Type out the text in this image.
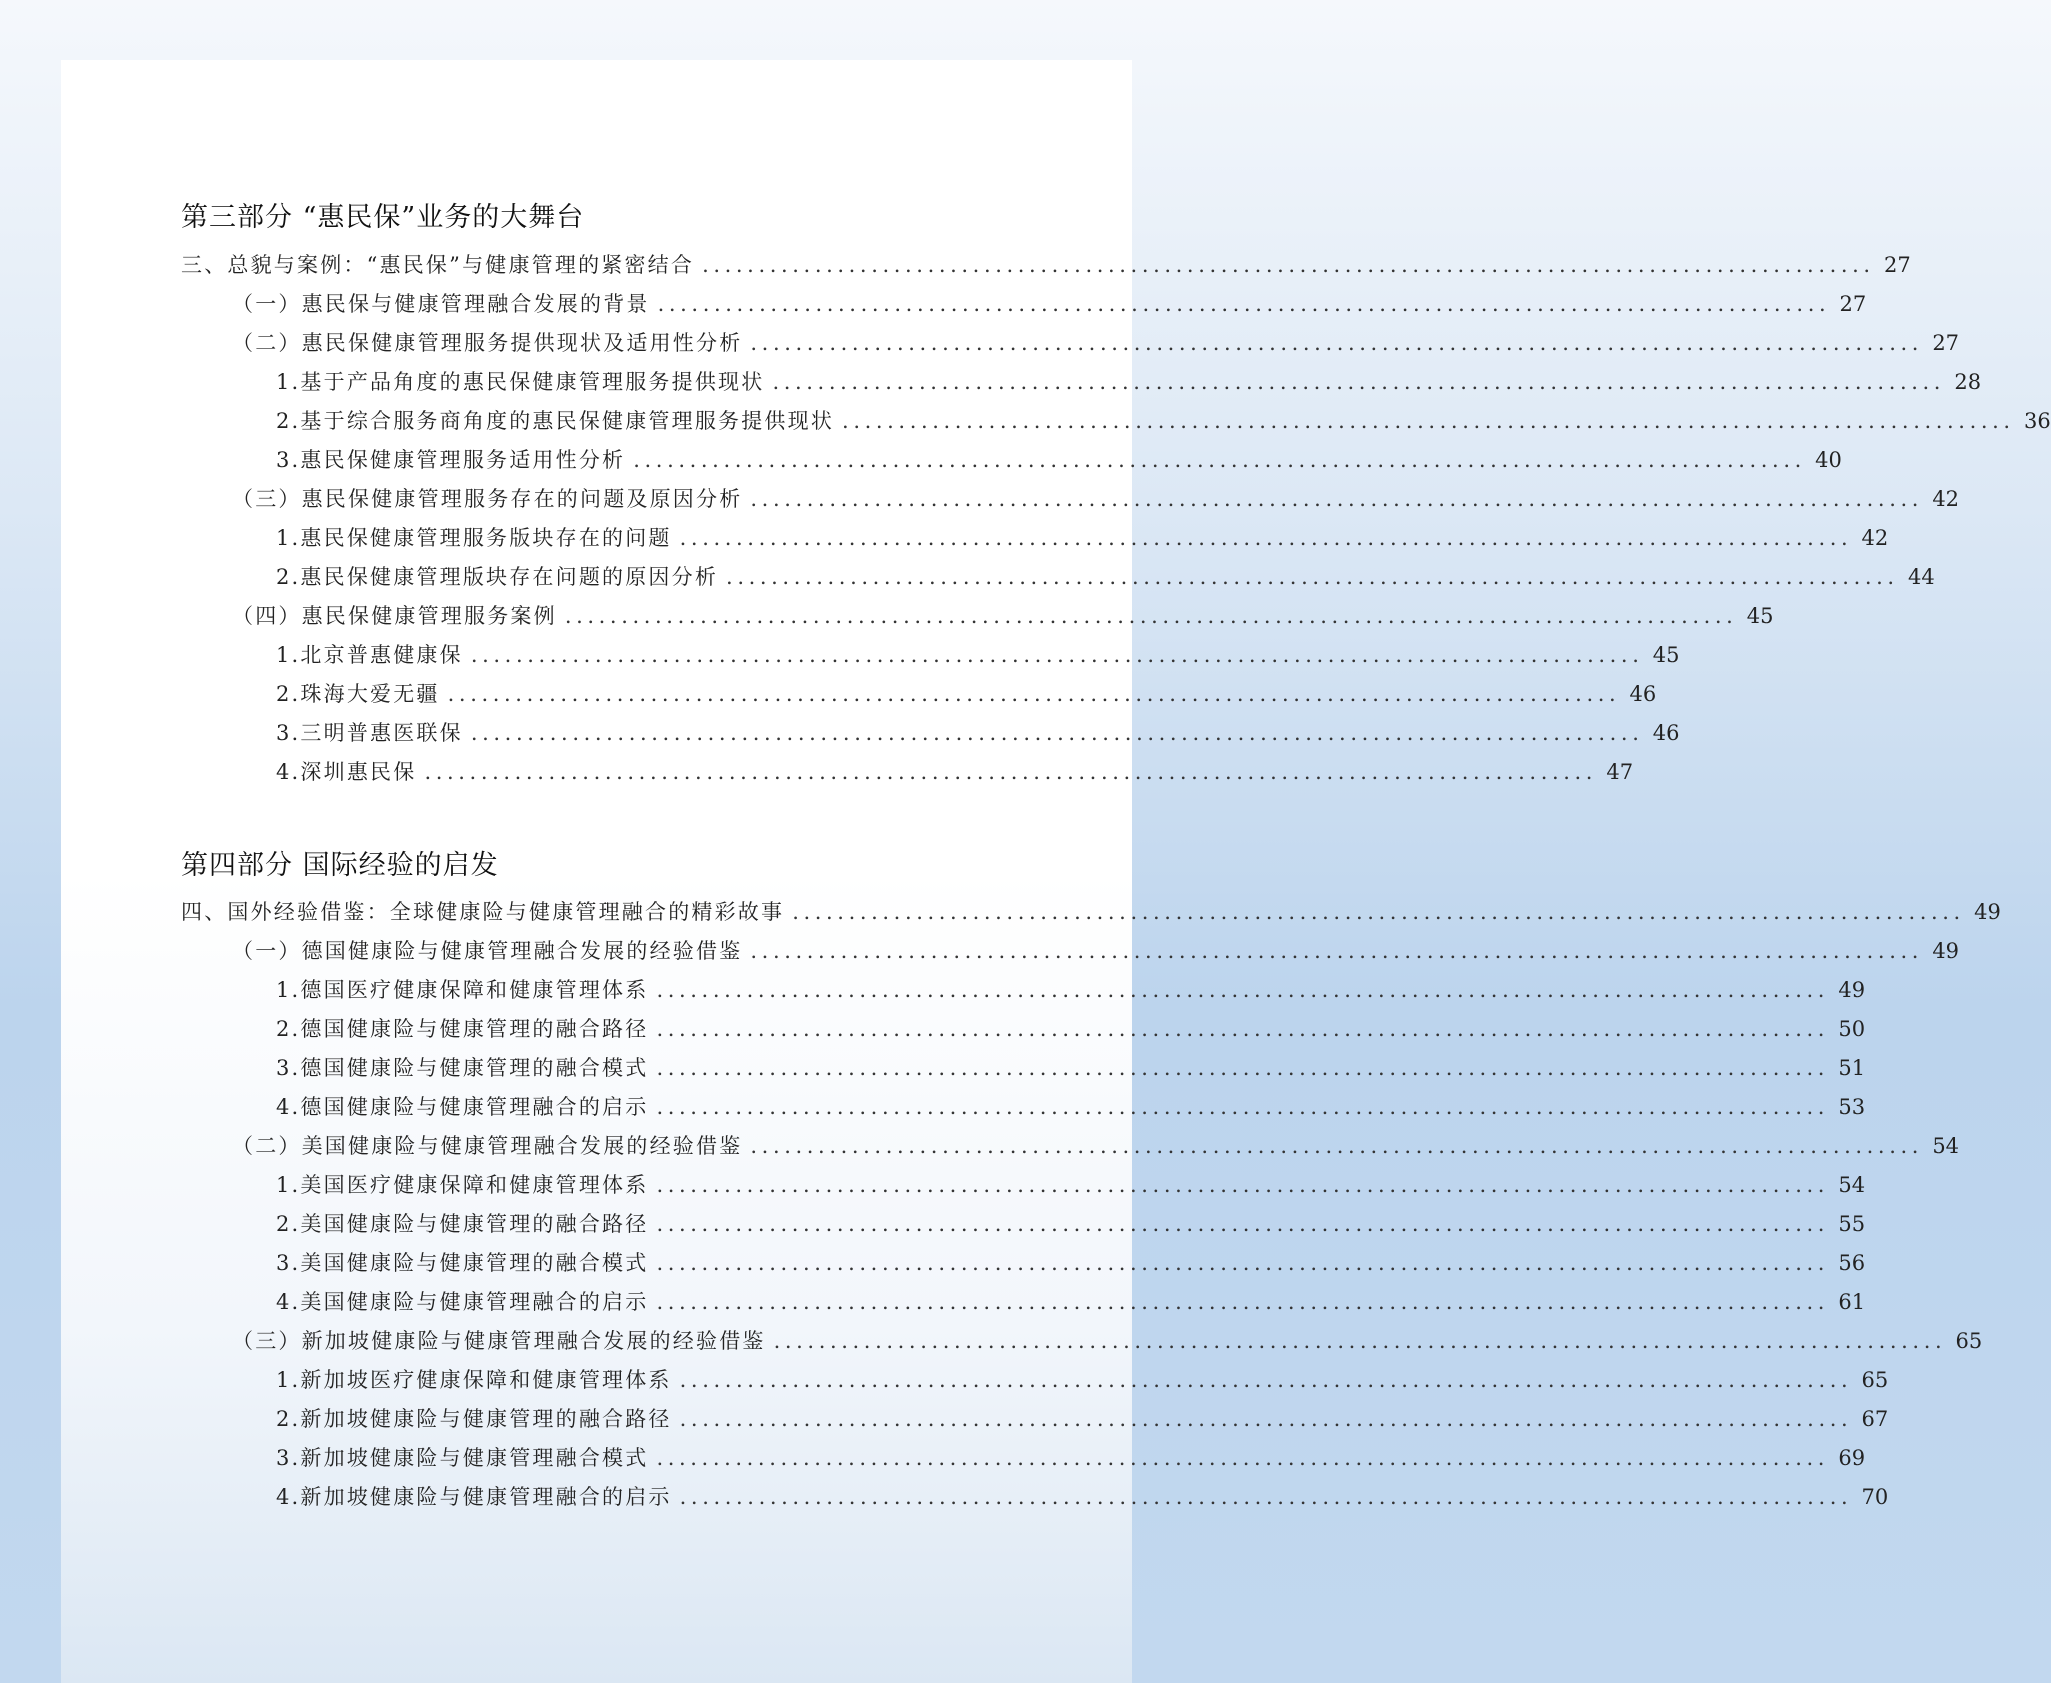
第三部分 “惠民保”业务的大舞台
第四部分 国际经验的启发
三、总貌与案例：“惠民保”与健康管理的紧密结合 ........................................................................................................ 27
（一）惠民保与健康管理融合发展的背景 ........................................................................................................ 27
（二）惠民保健康管理服务提供现状及适用性分析 ........................................................................................................ 27
1.基于产品角度的惠民保健康管理服务提供现状 ........................................................................................................ 28
2.基于综合服务商角度的惠民保健康管理服务提供现状 ........................................................................................................ 36
3.惠民保健康管理服务适用性分析 ........................................................................................................ 40
（三）惠民保健康管理服务存在的问题及原因分析 ........................................................................................................ 42
1.惠民保健康管理服务版块存在的问题 ........................................................................................................ 42
2.惠民保健康管理版块存在问题的原因分析 ........................................................................................................ 44
（四）惠民保健康管理服务案例 ........................................................................................................ 45
1.北京普惠健康保 ........................................................................................................ 45
2.珠海大爱无疆 ........................................................................................................ 46
3.三明普惠医联保 ........................................................................................................ 46
4.深圳惠民保 ........................................................................................................ 47
四、国外经验借鉴：全球健康险与健康管理融合的精彩故事 ........................................................................................................ 49
（一）德国健康险与健康管理融合发展的经验借鉴 ........................................................................................................ 49
1.德国医疗健康保障和健康管理体系 ........................................................................................................ 49
2.德国健康险与健康管理的融合路径 ........................................................................................................ 50
3.德国健康险与健康管理的融合模式 ........................................................................................................ 51
4.德国健康险与健康管理融合的启示 ........................................................................................................ 53
（二）美国健康险与健康管理融合发展的经验借鉴 ........................................................................................................ 54
1.美国医疗健康保障和健康管理体系 ........................................................................................................ 54
2.美国健康险与健康管理的融合路径 ........................................................................................................ 55
3.美国健康险与健康管理的融合模式 ........................................................................................................ 56
4.美国健康险与健康管理融合的启示 ........................................................................................................ 61
（三）新加坡健康险与健康管理融合发展的经验借鉴 ........................................................................................................ 65
1.新加坡医疗健康保障和健康管理体系 ........................................................................................................ 65
2.新加坡健康险与健康管理的融合路径 ........................................................................................................ 67
3.新加坡健康险与健康管理融合模式 ........................................................................................................ 69
4.新加坡健康险与健康管理融合的启示 ........................................................................................................ 70
